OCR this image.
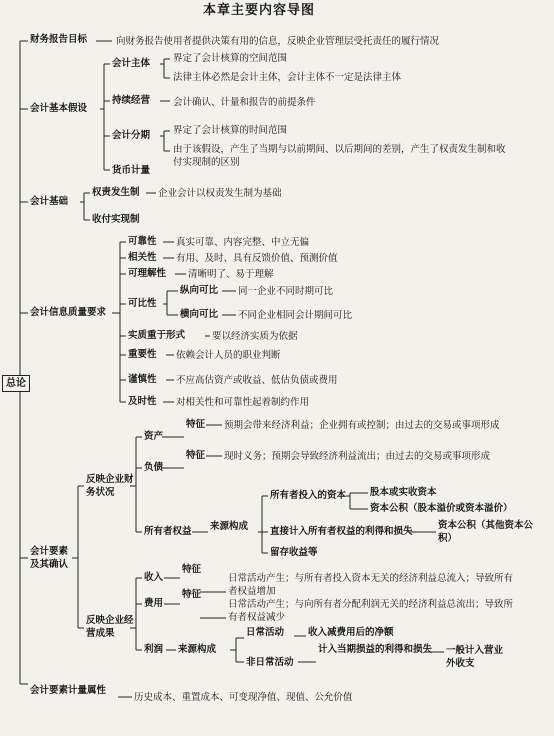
本章主要内容导图
总论
财务报告目标	向财务报告使用者提供决策有用的信息，反映企业管理层受托责任的履行情况
会计基本假设
会计主体 界定了会计核算的空间范围
法律主体必然是会计主体，会计主体不一定是法律主体
持续经营 会计确认、计量和报告的前提条件
会计分期 界定了会计核算的时间范围
由于该假设，产生了当期与以前期间、以后期间的差别，产生了权责发生制和收付实现制的区别
货币计量
会计基础
权责发生制 企业会计以权责发生制为基础
收付实现制
会计信息质量要求
可靠性 真实可靠、内容完整、中立无偏
相关性 有用、及时、具有反馈价值、预测价值
可理解性 清晰明了、易于理解
可比性
纵向可比 同一企业不同时期可比
横向可比 不同企业相同会计期间可比
实质重于形式	要以经济实质为依据
重要性 依赖会计人员的职业判断
谨慎性 不应高估资产或收益、低估负债或费用
及时性 对相关性和可靠性起着制约作用
会计要素及其确认
反映企业财务状况
资产
特征 预期会带来经济利益；企业拥有或控制；由过去的交易或事项形成
负债
特征 现时义务；预期会导致经济利益流出；由过去的交易或事项形成
所有者权益 来源构成
所有者投入的资本	股本或实收资本
资本公积（股本溢价或资本溢价）
直接计入所有者权益的利得和损失
资本公积（其他资本公积）
留存收益等
反映企业经营成果
收入
特征
日常活动产生；与所有者投入资本无关的经济利益总流入；导致所有者权益增加
费用
特征
日常活动产生；与向所有者分配利润无关的经济利益总流出；导致所有者权益减少
利润 来源构成
日常活动	收入减费用后的净额
非日常活动
计入当期损益的利得和损失 一般计入营业外收支
会计要素计量属性
历史成本、重置成本、可变现净值、现值、公允价值
